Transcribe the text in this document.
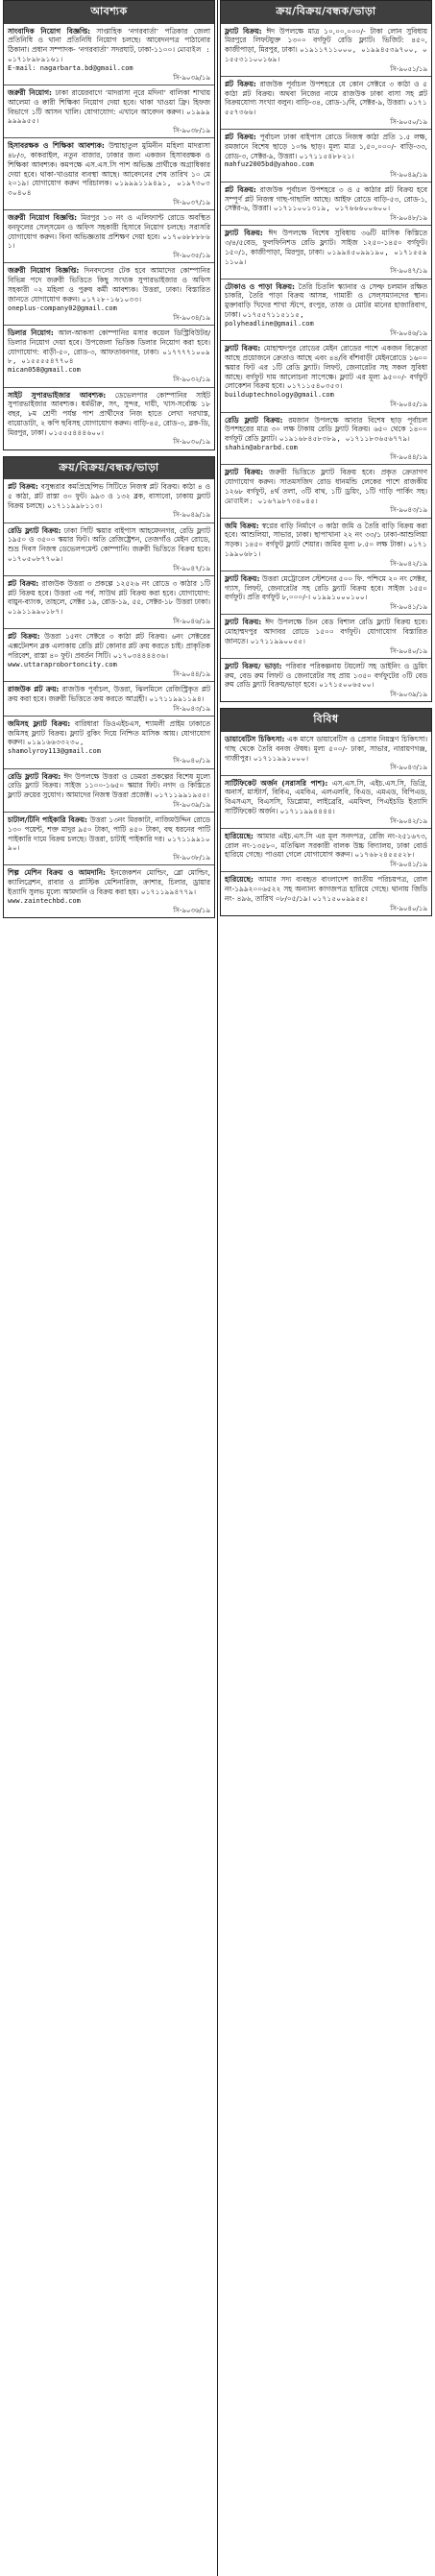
আবশ্যক
সাংবাদিক নিয়োগ বিজ্ঞপ্তি: সাপ্তাহিক ‘নগরবার্তা’ পত্রিকার জেলা প্রতিনিধি ও থানা প্রতিনিধি নিয়োগ চলছে। আবেদনপত্র পাঠানোর ঠিকানা। প্রধান সম্পাদক- ‘নগরবার্তা’ সদরঘাট, ঢাকা-১১০০। মোবাইল : ০১৭১৮৯৮৯১৬১।
E-mail: nagarbarta.bd@gmail.com
সি-৯০৩৯/১৯
জরুরী নিয়োগ: ঢাকা রায়েরবাগে ‘মাদরাসা নূরে মদিনা’ বালিকা শাখায় আলেমা ও ক্বারী শিক্ষিকা নিয়োগ দেয়া হবে। থাকা খাওয়া ফ্রি। হিফজ বিভাগে ১টি আসন খালি। যোগাযোগ: এখানে আবেদন করুন। ০১৯৯৯৯৯৯৯৫৫।
সি-৯০৩৮/১৯
হিসাবরক্ষক ও শিক্ষিকা আবশ্যক: উম্মাহাতুল মুমিনীন মহিলা মাদরাসা ৪৮/৩, কাকরাইল, নতুন বাজার, ঢাকার জন্য একজন হিসাবরক্ষক ও শিক্ষিকা আবশ্যক। কমপক্ষে এস.এস.সি পাশ অভিজ্ঞ প্রার্থীকে অগ্রাধিকার দেয়া হবে। থাকা-খাওয়ার ব্যবস্থা আছে। আবেদনের শেষ তারিখ ১০ মে ২০১৯। যোগাযোগ করুন পরিচালক। ০১৯৯৯১১৯৪৯১, ০১৯৭৩০৩৩০৪০৪
সি-৯০৩৭/১৯
জরুরী নিয়োগ বিজ্ঞপ্তি: মিরপুর ১৩ নং ও এলিফ্যান্ট রোডে অবস্থিত বনফুলের সেল্সমেন ও অফিস সহকারী হিসাবে নিয়োগ চলছে। সরাসরি যোগাযোগ করুন। বিনা অভিজ্ঞতায় প্রশিক্ষণ দেয়া হবে। ০১৭০৬৮৮৮৮৬১।
সি-৯০৩৫/১৯
জরুরী নিয়োগ বিজ্ঞপ্তি: দিনবদলের টেক হবে আমাদের কোম্পানির বিভিন্ন পদে জরুরী ভিত্তিতে কিছু সংখ্যক সুপারভাইজার ও অফিস সহকারী ০২ মহিলা ও পুরুষ কর্মী আবশ্যক। উত্তরা, ঢাকা। বিস্তারিত জানতে যোগাযোগ করুন। ০১৭২৮-১৬১০৩৩।
oneplus-company02@gmail.com
সি-৯০৩৪/১৯
ডিলার নিয়োগ: আল-আকসা কোম্পানির মসার কয়েল ডিস্ট্রিবিউটর/ডিলার নিয়োগ দেয়া হবে। উপজেলা ভিত্তিক ডিলার নিয়োগ করা হবে। যোগাযোগ: বাড়ী-৫০, রোড-৩, আফতাবনগর, ঢাকা। ০১৭৭৭৭১০০৯৮, ০১৫৫৫৫৪৭৭০৪
mican058@gmail.com
সি-৯০৩২/১৯
সাইট সুপারভাইজার আবশ্যক: ডেভেলপার কোম্পানির সাইট সুপারভাইজার আবশ্যক। ধর্মভীরু, সৎ, সুন্দর, দায়ী, খাস-সর্বোচ্চ ১৮ বছর, ৮ম শ্রেণী পর্যন্ত পাশ প্রার্থীদের নিজ হাতে লেখা দরখাস্ত, বায়োডাটা, ২ কপি ছবিসহ যোগাযোগ করুন। বাড়ি-৪৫, রোড-৩, ব্লক-ডি, মিরপুর, ঢাকা। ০১৫৫৫৪৪৪৬০০।
সি-৯০৩০/১৯
ক্রয়/বিক্রয়/বন্ধক/ভাড়া
প্লট বিক্রয়: বসুন্ধরার কমপ্রিহেন্সিভ সিটিতে নিজস্ব প্লট বিক্রয়। কাঠা ৪ ও ৫ কাঠা, প্লট রাস্তা ৩০ ফুট। ৯৯৩ ও ১৩২ ব্লক, বাসাবো, ঢাকায় ফ্ল্যাট বিক্রয় চলছে। ০১৭১১৯৯৮১১৩।
সি-৯০৪৯/১৯
রেডি ফ্ল্যাট বিক্রয়: ঢাকা সিটি স্কয়ার বাইপাস আহমেদনগর, রেডি ফ্ল্যাট ১৯৫০ ও ৩৫০০ স্কয়ার ফিট। অতি রেজিষ্ট্রেশন, তেজগাঁও মেইন রোডে, শুভ্র দিবস নিজস্ব ডেভেলপমেন্ট কোম্পানি। জরুরী ভিত্তিতে বিক্রয় হবে। ০১৭০৫০৮৭৭০৯।
সি-৯০৪৭/১৯
প্লট বিক্রয়: রাজউক উত্তরা ৩ প্রকল্পে ১২৫২৬ নং রোডে ৩ কাঠার ১টি প্লট বিক্রয় হবে। উত্তরা ৩য় পর্ব, সাউথ প্লট বিক্রয় করা হবে। যোগাযোগ: বায়ুন-ব্যাংক, তাহলে, সেক্টর ১৯, রোড-১৯, ৫৫, সেক্টর-১৮ উত্তরা ঢাকা। ০১৯১১৯৯০১৮৭।
সি-৯০৪৬/১৯
প্লট বিক্রয়: উত্তরা ১৫নং সেক্টরে ৩ কাঠা প্লট বিক্রয়। ৬নং সেক্টরের এক্সটেনশন ব্লক এলাকায় রেডি প্লট কোনার প্লট ক্রয় করতে চাই। প্রাকৃতিক পরিবেশ, রাস্তা ৪০ ফুট। প্রবর্তন সিটি। ০১৭০৩৪৪৪৪৩৬।
www.uttaraprobortoncity.com
সি-৯০৪৪/১৯
রাজউক প্লট ক্রয়: রাজউক পূর্বাচল, উত্তরা, ঝিলমিলে রেজিস্ট্রিকৃত প্লট ক্রয় করা হবে। জরুরী ভিত্তিতে ক্রয় করতে আগ্রহী। ০১৭১১৯৯১১৯৪।
সি-৯০৪৩/১৯
জমিসহ ফ্ল্যাট বিক্রয়: বারিধারা ডিওএইচএস, শ্যামলী প্রাইম ঢাকাতে জমিসহ ফ্ল্যাট বিক্রয়। ফ্ল্যাট বুকিং দিয়ে নিশ্চিত মাসিক আয়। যোগাযোগ করুন। ০১৯১৬৬৩৩২৩০,
shamolyroy113@gmail.com
সি-৯০৪০/১৯
রেডি ফ্ল্যাট বিক্রয়: ঈদ উপলক্ষে উত্তরা ও ডেমরা প্রকল্পের বিশেষ মূল্যে রেডি ফ্ল্যাট বিক্রয়। সাইজ ১১০০-১৬৫০ স্কয়ার ফিট। নগদ ও কিস্তিতে ফ্ল্যাট ক্রয়ের সুযোগ। আমাদের নিজস্ব উত্তরা প্রজেক্ট। ০১৭১১৯৯১৯৫৫।
সি-৯০৩৯/১৯
চাটাল/টিনি পাইকারি বিক্রয়: উত্তরা ১৩নং মিরকাটা, নাজিমউদ্দিন রোডে ১৩০ পয়েন্ট, শক্ত মাদুর ৯৫০ টাকা, পাটি ৪৫০ টাকা, বহু ধরনের পাটি পাইকারি দামে বিক্রয় চলছে। উত্তরা, চাটাই পাইকারি দর। ০১৭১১৯৯১০৯০।
সি-৯০৩৮/১৯
শিল্প মেশিন বিক্রয় ও আমদানি: ইনজেকশন মোল্ডিং, ব্লো মোল্ডিং, ক্যালিব্রেশন, রাবার ও প্লাস্টিক মেশিনারিজ, ক্রাশার, চিলার, ড্রায়ার ইত্যাদি সুলভ মূল্যে আমদানি ও বিক্রয় করা হয়। ০১৭১১৯৯৪৭৭৯।
www.zaintechbd.com
সি-৯০৩৬/১৯
ক্রয়/বিক্রয়/বন্ধক/ভাড়া
ফ্ল্যাট বিক্রয়: ঈদ উপলক্ষে মাত্র ১০,০০,০০০/- টাকা লোন সুবিধায় মিরপুরে লিফটযুক্ত ১৩০০ বর্গফুট রেডি ফ্ল্যাট। ভিজিট: ৪৫০, কাজীপাড়া, মিরপুর, ঢাকা। ০১৯১১৭১১০০০, ০১৯৯৪৫৩৯৭০০, ০১৫৫৩১১০০১৬৯।
সি-৯০৫১/১৯
প্লট বিক্রয়: রাজউক পূর্বাচল উপশহরে যে কোন সেক্টরে ৩ কাঠা ও ৫ কাঠা প্লট বিক্রয়। অথবা নিজের নামে রাজউক ঢাকা বাসা সহ প্লট বিক্রয়যোগ্য সংখ্যা বলুন। বাড়ি-৩৪, রোড-১/বি, সেক্টর-৯, উত্তরা। ০১৭১৫৫৭৩৬৬।
সি-৯০৫০/১৯
প্লট বিক্রয়: পূর্বাচল ঢাকা বাইপাস রোডে নিজস্ব কাঠা প্রতি ১.৫ লক্ষ, রমজানে বিশেষ ছাড়ে ১০% ছাড়। মূল্য মাত্র ১,৫০,০০০/- বাড়ি-৩৩, রোড-৩, সেক্টর-৯, উত্তরা। ০১৭১১৫৪৮৮২১।
mahfuz2005bd@yahoo.com
সি-৯০৪৯/১৯
প্লট বিক্রয়: রাজউক পূর্বাচল উপশহরে ৩ ও ৫ কাঠার প্লট বিক্রয় হবে সম্পূর্ণ প্লট নিজস্ব গাছ-গাছালি আছে। আইফ রোডে বাড়ি-৫৩, রোড-১, সেক্টর-৬, উত্তরা। ০১৭১১০০১৩১৯, ০১৭৬৬৬০০৬০০।
সি-৯০৪৮/১৯
ফ্ল্যাট বিক্রয়: ঈদ উপলক্ষে বিশেষ সুবিধায় ৩৬টি মাসিক কিস্তিতে ৩/৪/৫বেড, ফুলফিনিশড রেডি ফ্ল্যাট। সাইজ ১২৫০-১৪৫০ বর্গফুট। ১৫০/১, কাজীপাড়া, মিরপুর, ঢাকা। ০১৯৯৪৫০৯৯১৯০, ০১৭১৫৫৯১১০৯।
সি-৯০৪৭/১৯
টোকাও ও পাড়া বিক্রয়: তৈরি চিতলি স্ক্যানার ও সেল্ফ চলমান রক্ষিত চাকরি, তৈরি পাড়া বিক্রয় আসন্ন, গামারী ও সেল্সম্যানদের স্থান। মুক্তাবাড়ি খিদের শাখা স্টপে, রংপুর, তাজ ও মোটর মানের হাজারিবাগ, ঢাকা। ০১৭৫৫৭১১৫১১৫,
polyheadline@gmail.com
সি-৯০৪৬/১৯
ফ্ল্যাট বিক্রয়: মোহাম্মদপুর রোডের মেইন রোডের পাশে একজন বিক্রেতা আছে প্রয়োজনে ক্রেতাও আছে এবং ৪৪/বি বাঁশবাড়ী মেইনরোডে ১৬০০ স্কয়ার ফিট এর ১টি রেডি ফ্ল্যাট। লিফট, জেনারেটর সহ সকল সুবিধা আছে। বর্গফুট দাম আলোচনা সাপেক্ষে। ফ্ল্যাট এর মূল্য ৯৫০০/- বর্গফুট লোকেশন বিক্রয় হবে। ০১৭১১৫৪০৩৫৩।
buildupteсhnology@gmail.com
সি-৯০৪৫/১৯
রেডি ফ্ল্যাট বিক্রয়: রমজান উপলক্ষে আবার বিশেষ ছাড় পূর্বাচল উপশহরের মাত্র ৩০ লক্ষ টাকায় রেডি ফ্ল্যাট বিক্রয়। ৬৫০ থেকে ১৪০০ বর্গফুট রেডি ফ্ল্যাট। ০১৯১৬৮৪৫৮৩৮৯, ০১৭১১৮৩৬৫৬৭৭৯।
shahin@abrarbd.com
সি-৯০৪৪/১৯
ফ্ল্যাট বিক্রয়: জরুরী ভিত্তিতে ফ্ল্যাট বিক্রয় হবে। প্রকৃত ক্রেতাগণ যোগাযোগ করুন। সাতমসজিদ রোড ধানমন্ডি লেকের পাশে রাজকীয় ১২৬৮ বর্গফুট, ৪র্থ তলা, ৩টি বাথ, ১টি ড্রয়িং, ১টি গাড়ি পার্কিং সহ। মোবাইল: ০১৬৭৯৮৭৩৪০৪৫।
সি-৯০৪৩/১৯
জমি বিক্রয়: স্বপ্নের বাড়ি নির্মাণে ৩ কাঠা জমি ও তৈরি বাড়ি বিক্রয় করা হবে। আশুলিয়া, সাভার, ঢাকা। ছাপাখানা ২২ নং ৩৩/১ ঢাকা-আশুলিয়া সড়ক। ১৪৫০ বর্গফুট ফ্ল্যাট শেয়ার। জমির মূল্য ৮.৫০ লক্ষ টাকা। ০১৭১১৯৯০৬৮১।
সি-৯০৪২/১৯
ফ্ল্যাট বিক্রয়: উত্তরা মেট্রোরেল স্টেশনের ৫০০ ফি. পশ্চিমে ২০ নং সেক্টর, গ্যাস, লিফট, জেনারেটর সহ রেডি ফ্ল্যাট বিক্রয় হবে। সাইজ ১৫৫০ বর্গফুট। প্রতি বর্গফুট ৮,০০০/-। ০১৯৯১০০০১০০।
সি-৯০৪১/১৯
ফ্ল্যাট বিক্রয়: ঈদ উপলক্ষে তিন বেড বিশাল রেডি ফ্ল্যাট বিক্রয় হবে। মোহাম্মদপুর আদাবর রোডে ১৫০০ বর্গফুট। যোগাযোগ বিস্তারিত জানতে। ০১৭১১৯৯০০৫৫।
সি-৯০৪০/১৯
ফ্ল্যাট বিক্রয়/ ভাড়া: পরিবার পরিকল্পনায় টয়লেট সহ ডাইনিং ও ড্রয়িং রুম, বেড রুম লিফট ও জেনারেটর সহ প্রায় ১৩৫০ বর্গফুটের ৩টি বেড রুম রেডি ফ্ল্যাট বিক্রয়/ভাড়া হবে। ০১৭১৫০০৬৫০০।
সি-৯০৩৯/১৯
বিবিধ
ডায়াবেটিস চিকিৎসা: এক মাসে ডায়াবেটিস ও প্রেসার নিয়ন্ত্রণ চিকিৎসা। গাছ থেকে তৈরি বনজ ঔষধ। মূল্য ৫০০/- ঢাকা, সাভার, নারায়ণগঞ্জ, গাজীপুর। ০১৭১১৯৯১০০০।
সি-৯০৪৩/১৯
সার্টিফিকেট অর্জন (সরাসরি পাশ): এস.এস.সি, এইচ.এস.সি, ডিগ্রি, অনার্স, মাস্টার্স, বিবিএ, এমবিএ, এলএলবি, বিএড, এমএড, বিপিএড, বিএসএস, বিএসসি, ডিপ্লোমা, লাইব্রেরি, এমফিল, পিএইচডি ইত্যাদি সার্টিফিকেট অর্জন। ০১৭১১৯৯৪৪৪৪।
সি-৯০৪২/১৯
হারিয়েছে: আমার এইচ.এস.সি এর মূল সনদপত্র, রেজি নং-২৫১৬৭৩, রোল নং-১৩৫৮০, মতিঝিল সরকারী বালক উচ্চ বিদ্যালয়, ঢাকা বোর্ড হারিয়ে গেছে। পাওয়া গেলে যোগাযোগ করুন। ০১৭৬৮২৪৫৫৫২৮।
সি-৯০৪১/১৯
হারিয়েছে: আমার সদ্য ব্যবহৃত বাংলাদেশ জাতীয় পরিচয়পত্র, রোল নং-১৯৯২০০৬৫২২ সহ অন্যান্য কাগজপত্র হারিয়ে গেছে। থানায় জিডি নং- ৪৯৬, তারিখ ০৮/০৫/১৯। ০১৭১৫০০৯৯৫৫।
সি-৯০৪০/১৯
